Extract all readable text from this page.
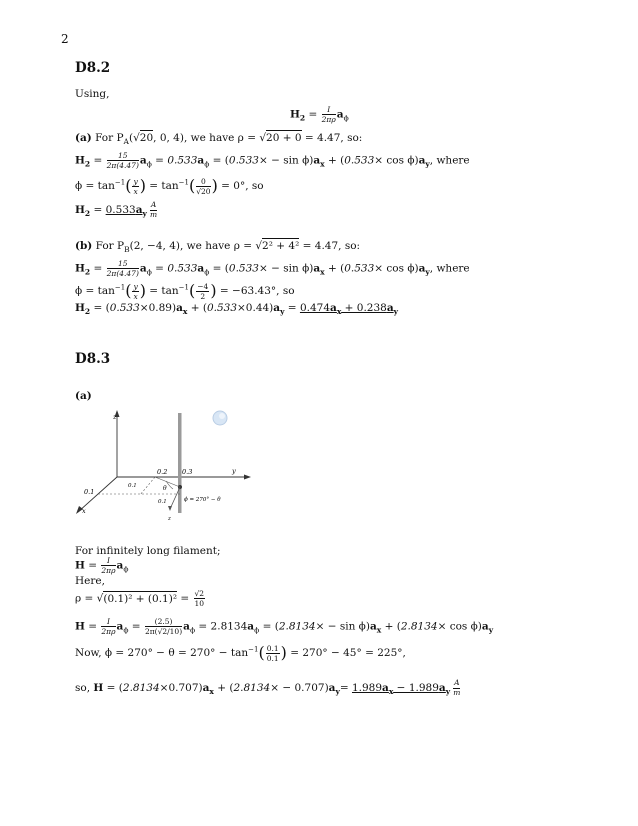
2
D8.2
Using,
$H_2 = \frac{I}{2\pi\rho} a_\phi$
(a) For $P_A(√20$, 0, 4), we have ρ = √20 + 0 = 4.47, so:
$H_2 = \frac{15}{2\pi(4.47)} a_\phi = 0.533a_\phi = (0.533\times - \sin \phi)a_x + (0.533\times \cos \phi)a_y$, where
$\phi = \tan^{-1}( \frac{y}{x}$ ) = $\tan^{-1}( \frac{0}{√20}$ ) = 0°, so
$H_2 = 0.533a_y \frac{A}{m}$
(b) For $P_B(2$, −4, 4), we have ρ = √2² + 4² = 4.47, so:
$H_2 = \frac{15}{2\pi(4.47)} a_\phi = 0.533a_\phi = (0.533\times - \sin \phi)a_x + (0.533\times \cos \phi)a_y$, where
$\phi = \tan^{-1}( \frac{y}{x}$ ) = $\tan^{-1}( \frac{-4}{2}$ ) = −63.43°, so
$H_2 = (0.533\times 0.89)a_x + (0.533\times 0.44)a_y = 0.474a_x + 0.238a_y$
D8.3
(a)
z
x
y
0.2 0.3
0.1
0.1
0.1
θ
ϕ = 270° − θ
z
For infinitely long filament;
$H = \frac{I}{2\pi\rho} a_\phi$
Here,
$\rho = √(0.1)^2 + (0.1)^2 = \frac{√2}{10}$
$H = \frac{I}{2\pi\rho} a_\phi = \frac{(2.5)}{2\pi(√2/10)} a_\phi = 2.8134a_\phi = (2.8134\times - \sin \phi)a_x + (2.8134\times \cos \phi)a_y$
Now, $\phi = 270^\circ - \theta = 270^\circ - \tan^{-1}( \frac{0.1}{0.1}$ ) = 270° − 45° = 225°,
so, $H = (2.8134\times 0.707)a_x + (2.8134\times - 0.707)a_y= 1.989a_x - 1.989a_y \frac{A}{m}$
